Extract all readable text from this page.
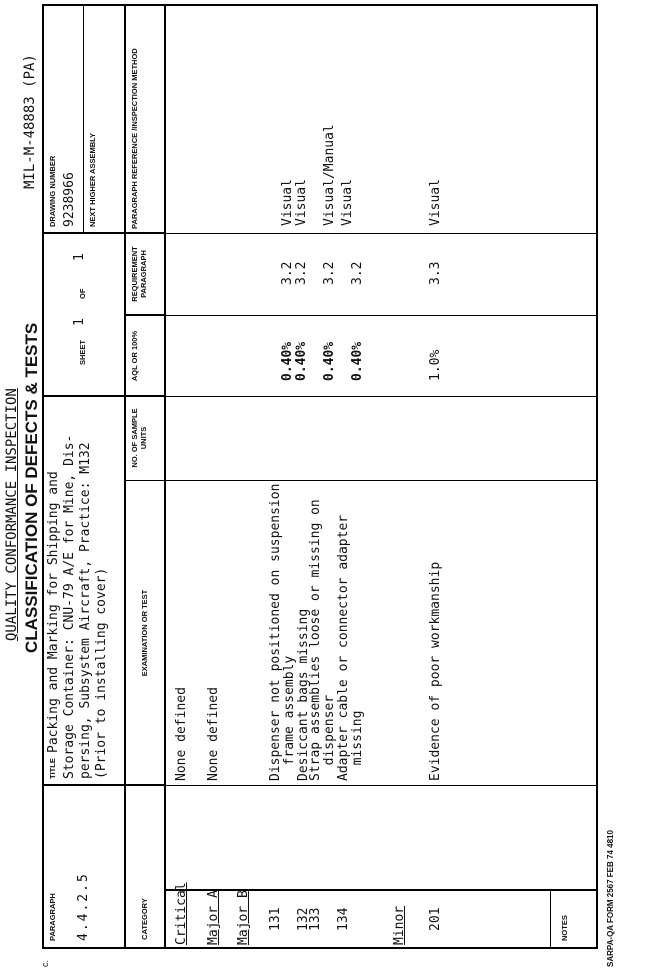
QUALITY CONFORMANCE INSPECTION CLASSIFICATION OF DEFECTS & TESTS
MIL-M-48883 (PA)
c.
PARAGRAPH 4.4.2.5
TITLE
Packing and Marking for Shipping and Storage Container: CNU-79 A/E for Mine, Dis- persing, Subsystem Aircraft, Practice: M132 (Prior to installing cover)
SHEET
1
OF
1
DRAWING NUMBER 9238966 NEXT HIGHER ASSEMBLY
CATEGORY
EXAMINATION OR TEST
NO. OF SAMPLE UNITS
AQL OR 100%
REQUIREMENT PARAGRAPH
PARAGRAPH REFERENCE /INSPECTION METHOD
Critical
None defined
Major A
None defined
Major B 131
Dispenser not positioned on suspension frame assembly
0.40%
3.2
Visual
132
Desiccant bags missing
0.40%
3.2
Visual
133
Strap assemblies loose or missing on dispenser
0.40%
3.2
Visual/Manual
134
Adapter cable or connector adapter missing
0.40%
3.2
Visual
Minor 201
Evidence of poor workmanship
1.0%
3.3
Visual
NOTES	SARPA-QA FORM 2567 FEB 74 4810
